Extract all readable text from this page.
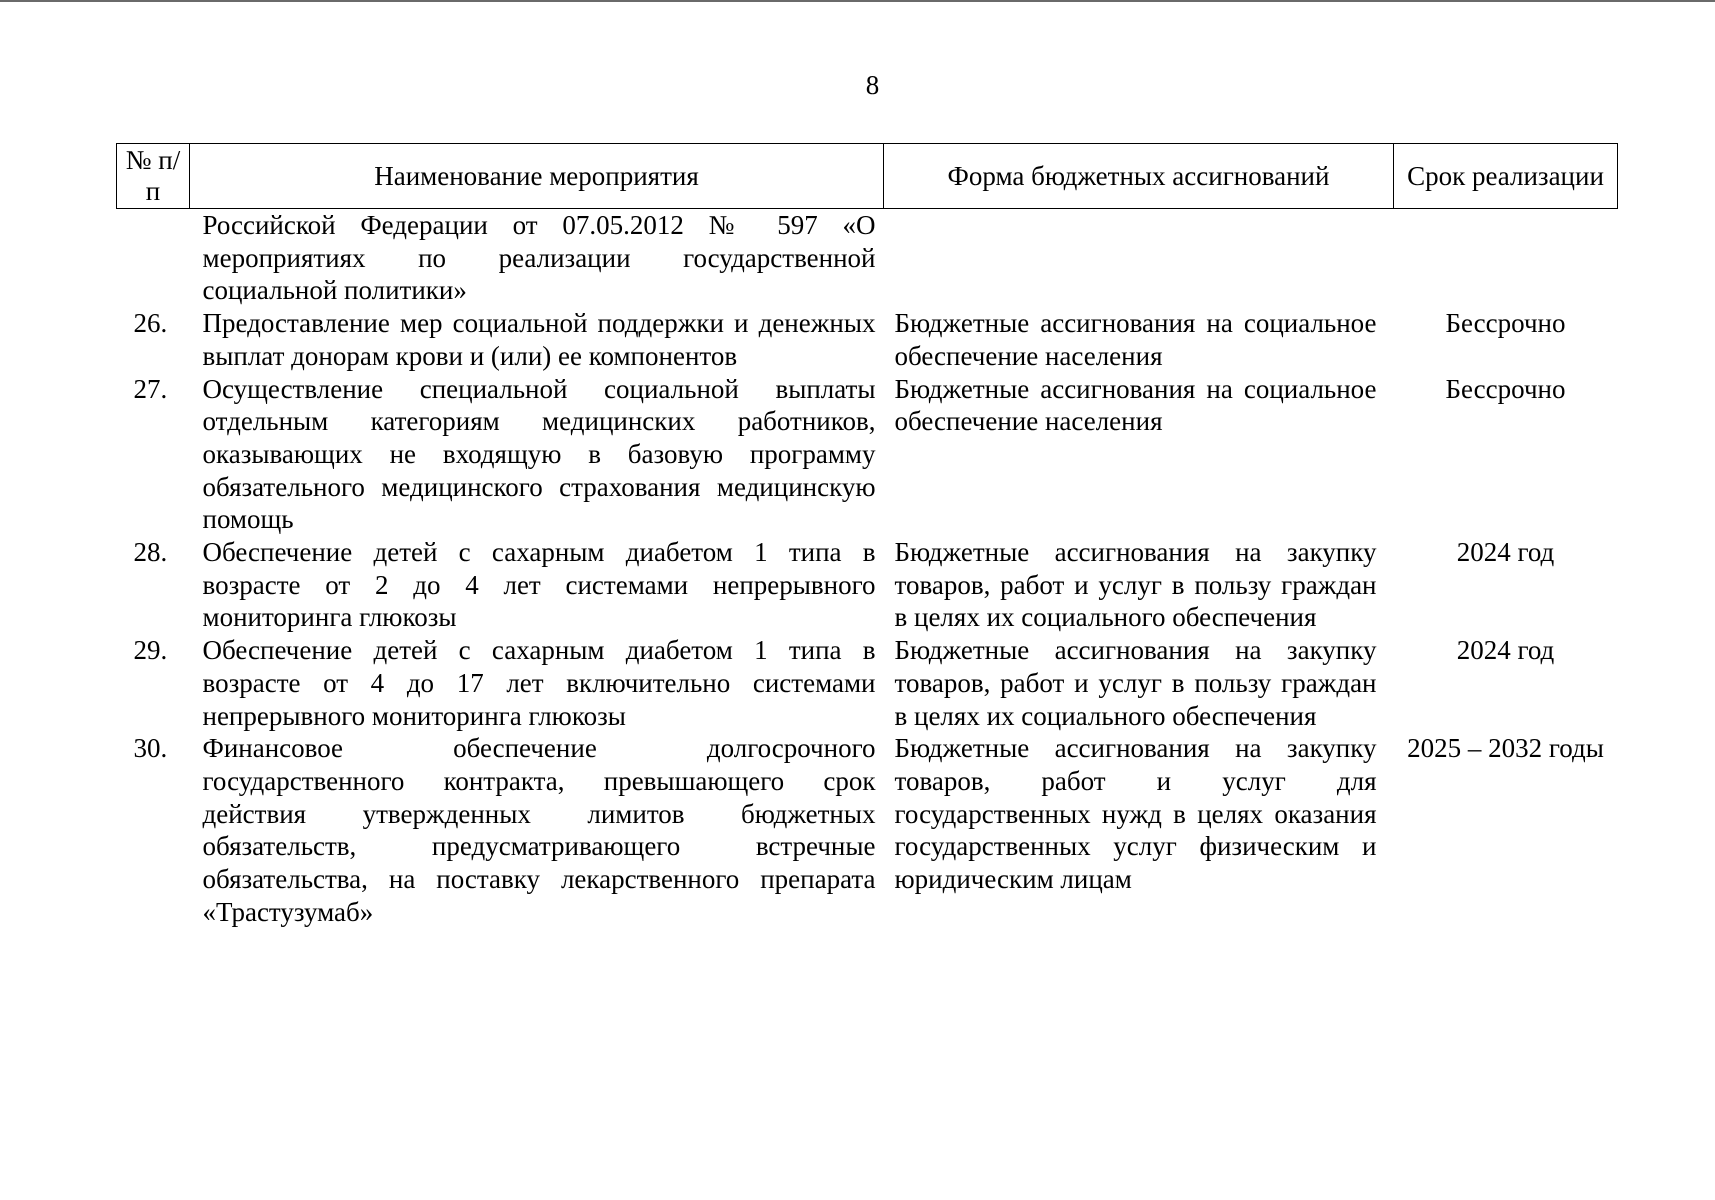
8
№ п/п	Наименование мероприятия	Форма бюджетных ассигнований	Срок реализации
	Российской Федерации от 07.05.2012 № 597 «О мероприятиях по реализации государственной социальной политики»		
26.	Предоставление мер социальной поддержки и денежных выплат донорам крови и (или) ее компонентов	Бюджетные ассигнования на социальное обеспечение населения	Бессрочно
27.	Осуществление специальной социальной выплаты отдельным категориям медицинских работников, оказывающих не входящую в базовую программу обязательного медицинского страхования медицинскую помощь	Бюджетные ассигнования на социальное обеспечение населения	Бессрочно
28.	Обеспечение детей с сахарным диабетом 1 типа в возрасте от 2 до 4 лет системами непрерывного мониторинга глюкозы	Бюджетные ассигнования на закупку товаров, работ и услуг в пользу граждан в целях их социального обеспечения	2024 год
29.	Обеспечение детей с сахарным диабетом 1 типа в возрасте от 4 до 17 лет включительно системами непрерывного мониторинга глюкозы	Бюджетные ассигнования на закупку товаров, работ и услуг в пользу граждан в целях их социального обеспечения	2024 год
30.	Финансовое обеспечение долгосрочного государственного контракта, превышающего срок действия утвержденных лимитов бюджетных обязательств, предусматривающего встречные обязательства, на поставку лекарственного препарата «Трастузумаб»	Бюджетные ассигнования на закупку товаров, работ и услуг для государственных нужд в целях оказания государственных услуг физическим и юридическим лицам	2025 – 2032 годы
